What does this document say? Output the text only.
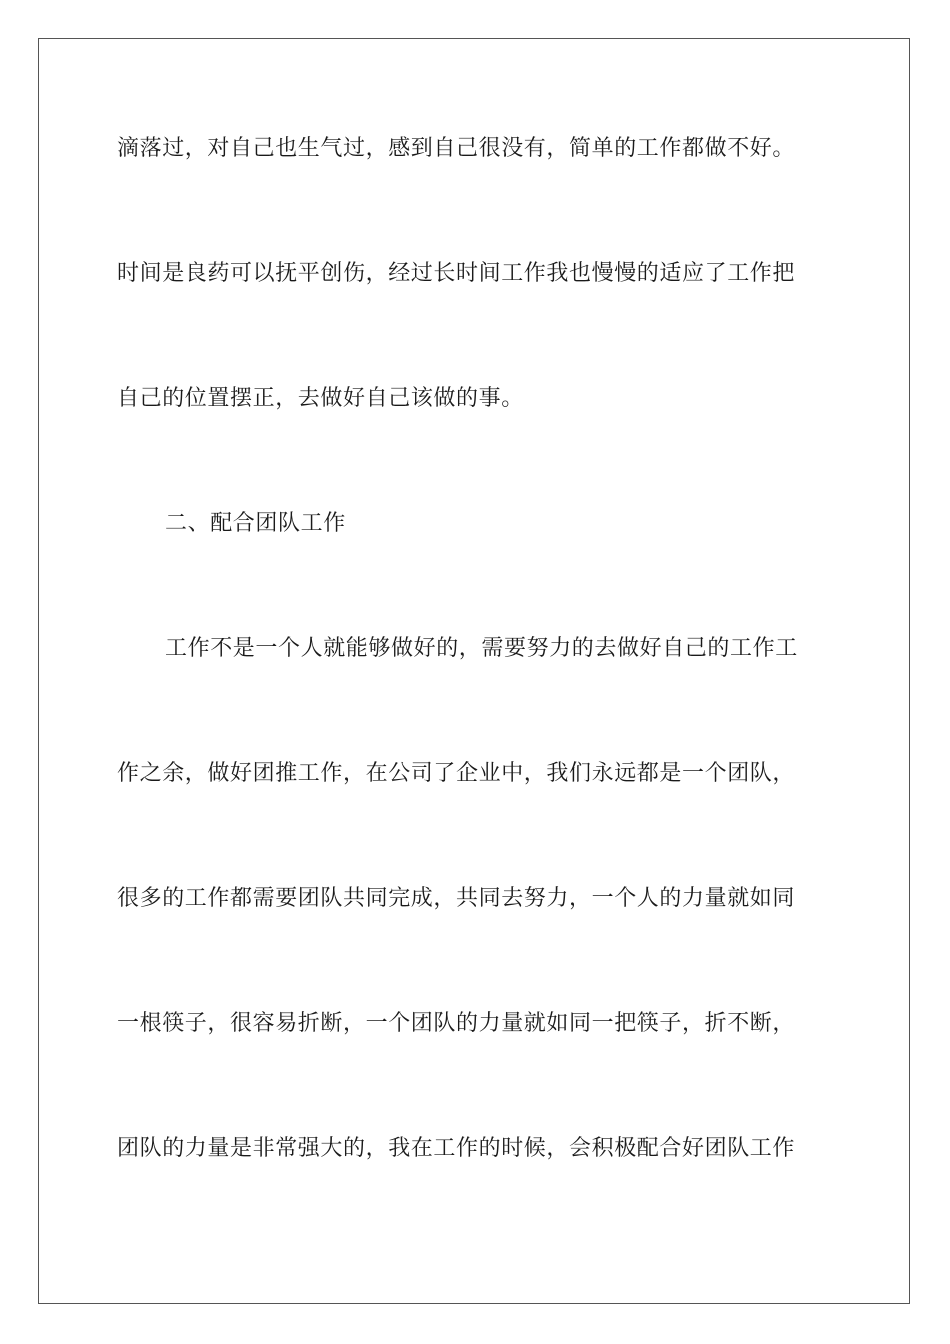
滴落过，对自己也生气过，感到自己很没有，简单的工作都做不好。
时间是良药可以抚平创伤，经过长时间工作我也慢慢的适应了工作把
自己的位置摆正，去做好自己该做的事。
二、配合团队工作
工作不是一个人就能够做好的，需要努力的去做好自己的工作工
作之余，做好团推工作，在公司了企业中，我们永远都是一个团队，
很多的工作都需要团队共同完成，共同去努力，一个人的力量就如同
一根筷子，很容易折断，一个团队的力量就如同一把筷子，折不断，
团队的力量是非常强大的，我在工作的时候，会积极配合好团队工作
